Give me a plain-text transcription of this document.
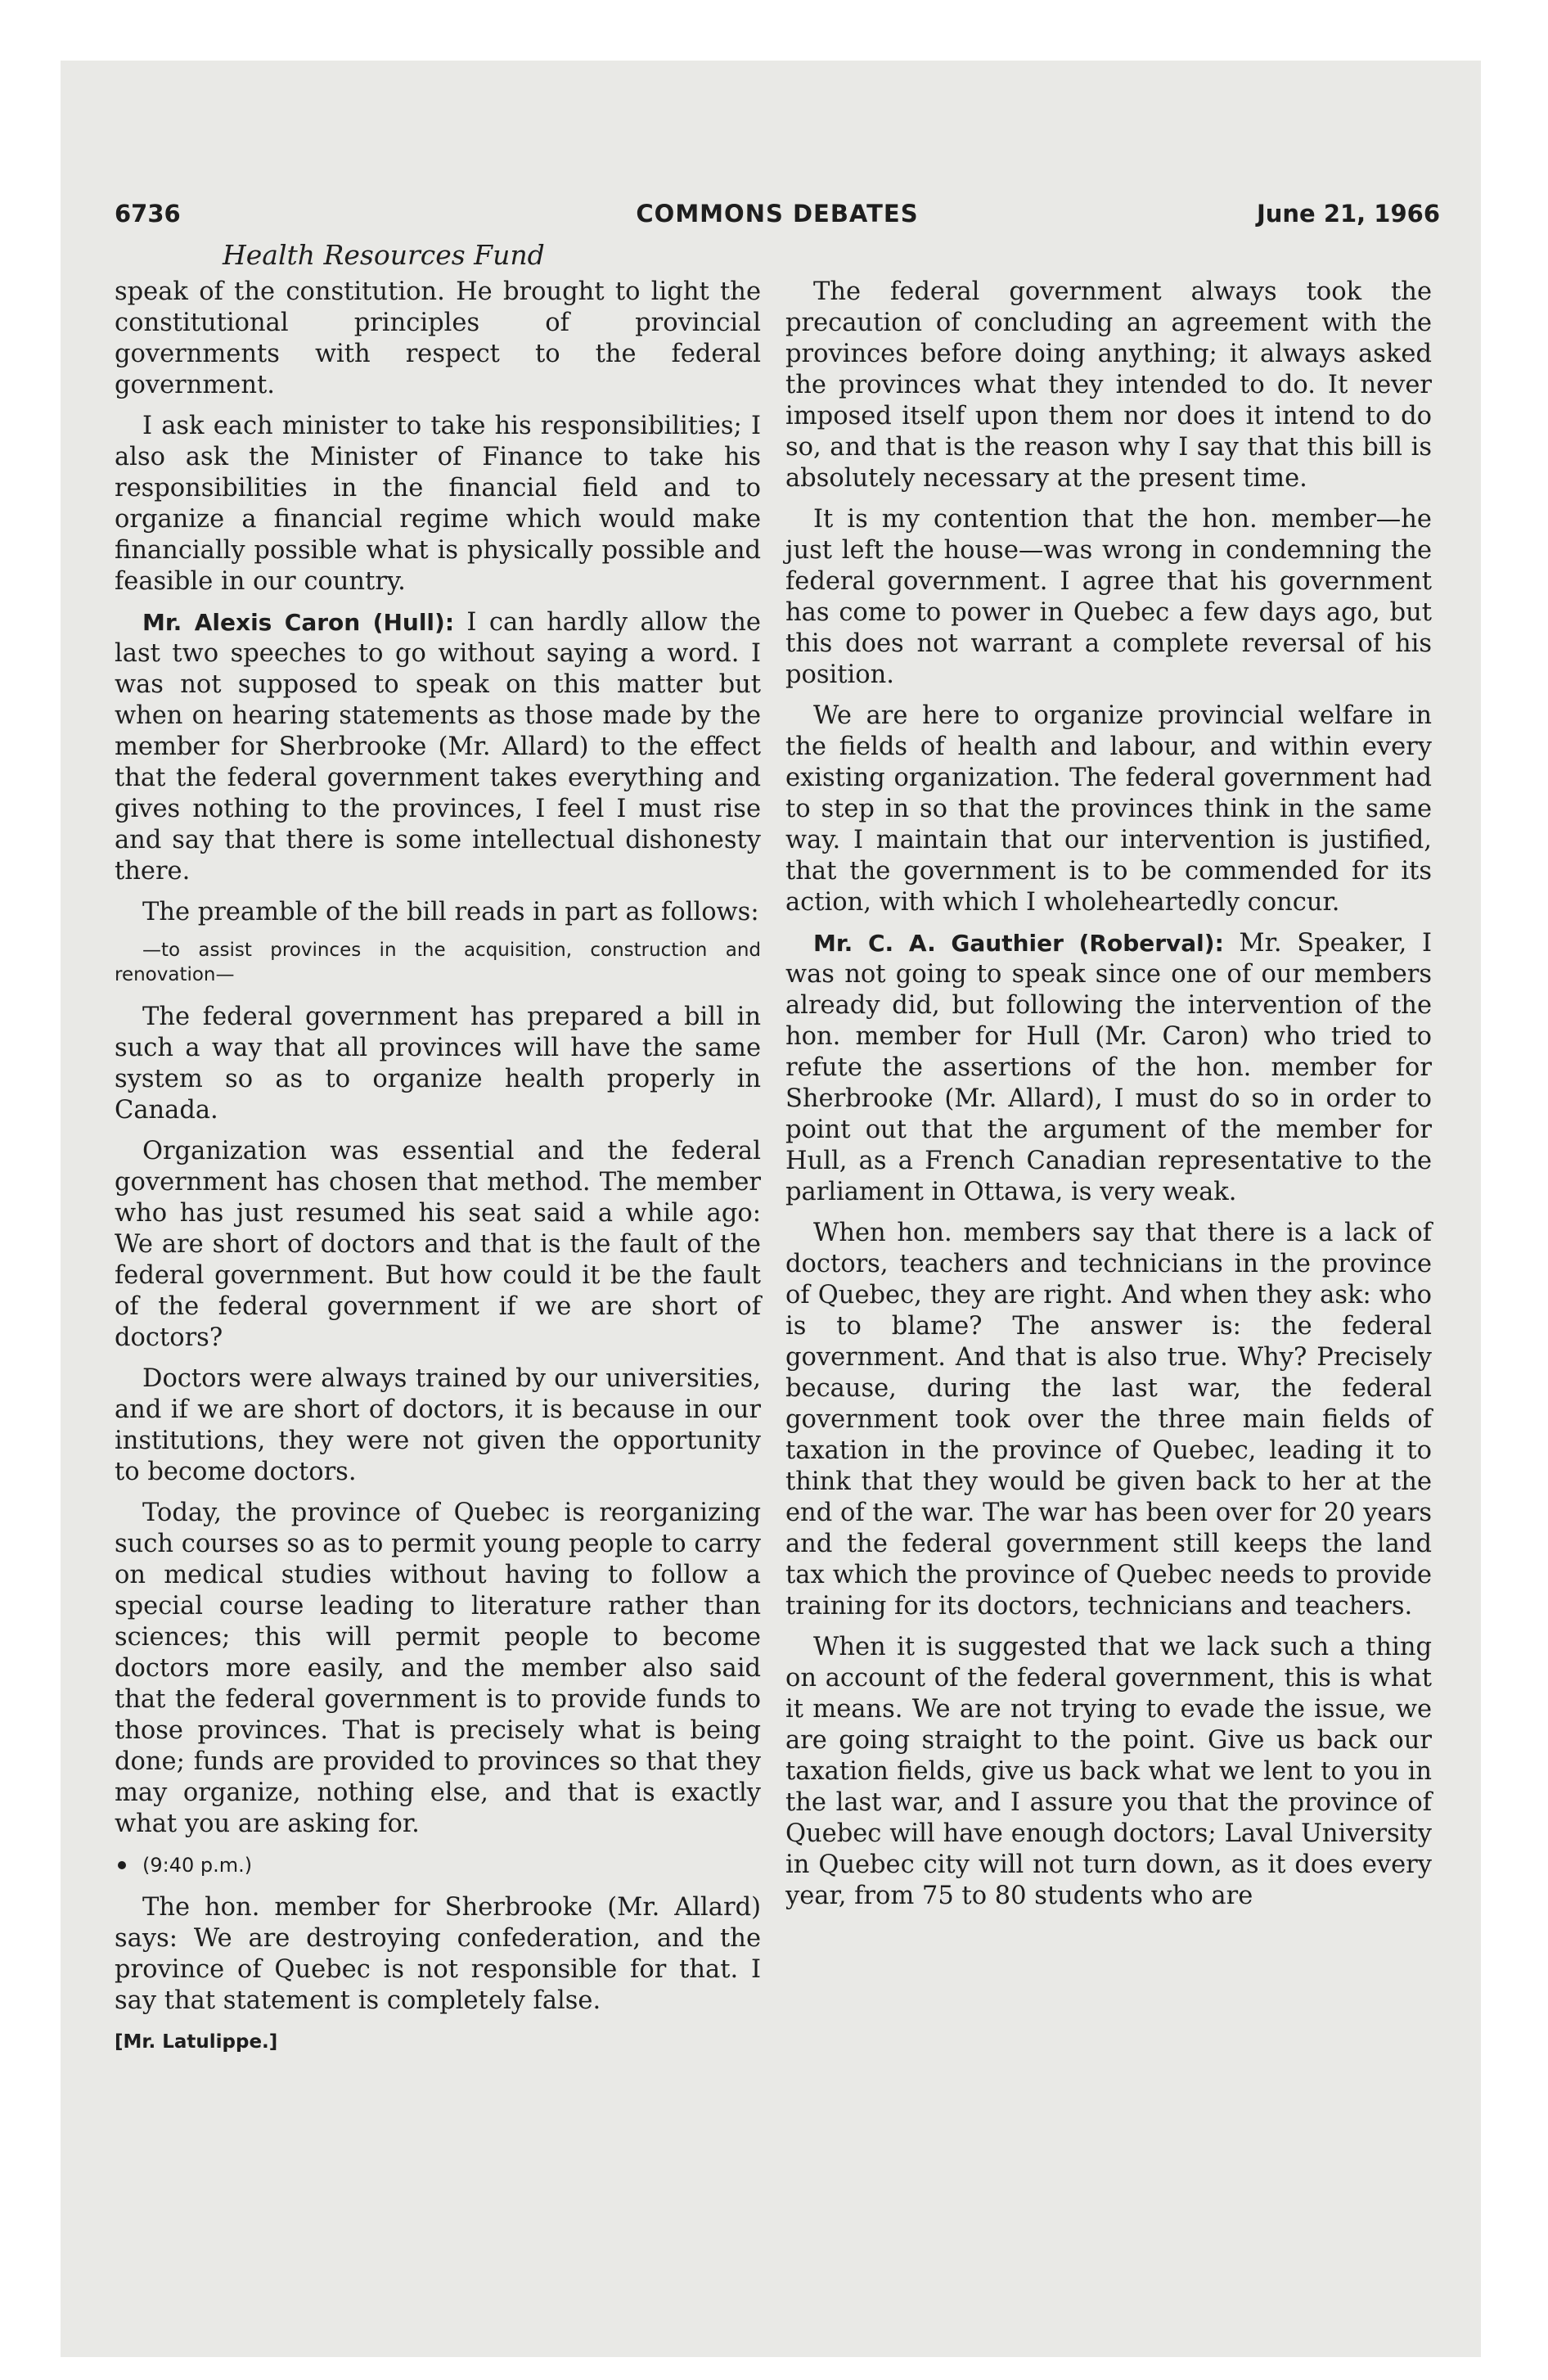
6736	COMMONS DEBATES	June 21, 1966
Health Resources Fund

speak of the constitution. He brought to light the constitutional principles of provincial governments with respect to the federal government.

I ask each minister to take his responsibilities; I also ask the Minister of Finance to take his responsibilities in the financial field and to organize a financial regime which would make financially possible what is physically possible and feasible in our country.

Mr. Alexis Caron (Hull): I can hardly allow the last two speeches to go without saying a word. I was not supposed to speak on this matter but when on hearing statements as those made by the member for Sherbrooke (Mr. Allard) to the effect that the federal government takes everything and gives nothing to the provinces, I feel I must rise and say that there is some intellectual dishonesty there.

The preamble of the bill reads in part as follows:

—to assist provinces in the acquisition, construction and renovation—

The federal government has prepared a bill in such a way that all provinces will have the same system so as to organize health properly in Canada.

Organization was essential and the federal government has chosen that method. The member who has just resumed his seat said a while ago: We are short of doctors and that is the fault of the federal government. But how could it be the fault of the federal government if we are short of doctors?

Doctors were always trained by our universities, and if we are short of doctors, it is because in our institutions, they were not given the opportunity to become doctors.

Today, the province of Quebec is reorganizing such courses so as to permit young people to carry on medical studies without having to follow a special course leading to literature rather than sciences; this will permit people to become doctors more easily, and the member also said that the federal government is to provide funds to those provinces. That is precisely what is being done; funds are provided to provinces so that they may organize, nothing else, and that is exactly what you are asking for.

(9:40 p.m.)

The hon. member for Sherbrooke (Mr. Allard) says: We are destroying confederation, and the province of Quebec is not responsible for that. I say that statement is completely false.

[Mr. Latulippe.]

The federal government always took the precaution of concluding an agreement with the provinces before doing anything; it always asked the provinces what they intended to do. It never imposed itself upon them nor does it intend to do so, and that is the reason why I say that this bill is absolutely necessary at the present time.

It is my contention that the hon. member—he just left the house—was wrong in condemning the federal government. I agree that his government has come to power in Quebec a few days ago, but this does not warrant a complete reversal of his position.

We are here to organize provincial welfare in the fields of health and labour, and within every existing organization. The federal government had to step in so that the provinces think in the same way. I maintain that our intervention is justified, that the government is to be commended for its action, with which I wholeheartedly concur.

Mr. C. A. Gauthier (Roberval): Mr. Speaker, I was not going to speak since one of our members already did, but following the intervention of the hon. member for Hull (Mr. Caron) who tried to refute the assertions of the hon. member for Sherbrooke (Mr. Allard), I must do so in order to point out that the argument of the member for Hull, as a French Canadian representative to the parliament in Ottawa, is very weak.

When hon. members say that there is a lack of doctors, teachers and technicians in the province of Quebec, they are right. And when they ask: who is to blame? The answer is: the federal government. And that is also true. Why? Precisely because, during the last war, the federal government took over the three main fields of taxation in the province of Quebec, leading it to think that they would be given back to her at the end of the war. The war has been over for 20 years and the federal government still keeps the land tax which the province of Quebec needs to provide training for its doctors, technicians and teachers.

When it is suggested that we lack such a thing on account of the federal government, this is what it means. We are not trying to evade the issue, we are going straight to the point. Give us back our taxation fields, give us back what we lent to you in the last war, and I assure you that the province of Quebec will have enough doctors; Laval University in Quebec city will not turn down, as it does every year, from 75 to 80 students who are
